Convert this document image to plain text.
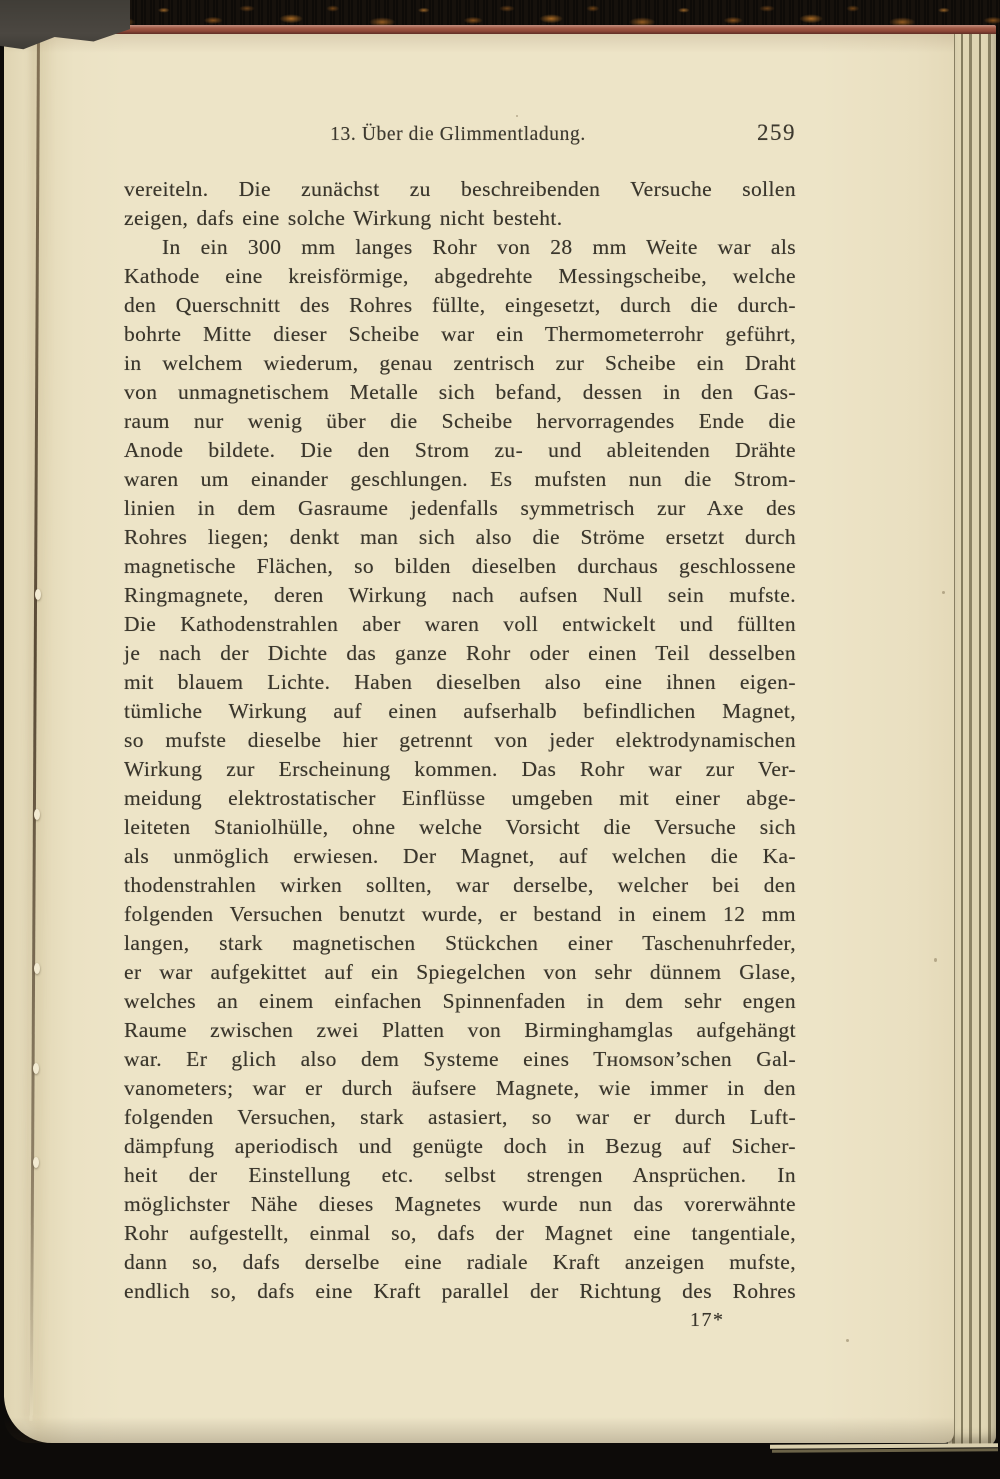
13. Über die Glimmentladung.	259
vereiteln. Die zunächst zu beschreibenden Versuche sollen
zeigen, dafs eine solche Wirkung nicht besteht.
In ein 300 mm langes Rohr von 28 mm Weite war als
Kathode eine kreisförmige, abgedrehte Messingscheibe, welche
den Querschnitt des Rohres füllte, eingesetzt, durch die durch-
bohrte Mitte dieser Scheibe war ein Thermometerrohr geführt,
in welchem wiederum, genau zentrisch zur Scheibe ein Draht
von unmagnetischem Metalle sich befand, dessen in den Gas-
raum nur wenig über die Scheibe hervorragendes Ende die
Anode bildete. Die den Strom zu- und ableitenden Drähte
waren um einander geschlungen. Es mufsten nun die Strom-
linien in dem Gasraume jedenfalls symmetrisch zur Axe des
Rohres liegen; denkt man sich also die Ströme ersetzt durch
magnetische Flächen, so bilden dieselben durchaus geschlossene
Ringmagnete, deren Wirkung nach aufsen Null sein mufste.
Die Kathodenstrahlen aber waren voll entwickelt und füllten
je nach der Dichte das ganze Rohr oder einen Teil desselben
mit blauem Lichte. Haben dieselben also eine ihnen eigen-
tümliche Wirkung auf einen aufserhalb befindlichen Magnet,
so mufste dieselbe hier getrennt von jeder elektrodynamischen
Wirkung zur Erscheinung kommen. Das Rohr war zur Ver-
meidung elektrostatischer Einflüsse umgeben mit einer abge-
leiteten Staniolhülle, ohne welche Vorsicht die Versuche sich
als unmöglich erwiesen. Der Magnet, auf welchen die Ka-
thodenstrahlen wirken sollten, war derselbe, welcher bei den
folgenden Versuchen benutzt wurde, er bestand in einem 12 mm
langen, stark magnetischen Stückchen einer Taschenuhrfeder,
er war aufgekittet auf ein Spiegelchen von sehr dünnem Glase,
welches an einem einfachen Spinnenfaden in dem sehr engen
Raume zwischen zwei Platten von Birminghamglas aufgehängt
war. Er glich also dem Systeme eines Tʜᴏᴍsᴏɴ’schen Gal-
vanometers; war er durch äufsere Magnete, wie immer in den
folgenden Versuchen, stark astasiert, so war er durch Luft-
dämpfung aperiodisch und genügte doch in Bezug auf Sicher-
heit der Einstellung etc. selbst strengen Ansprüchen. In
möglichster Nähe dieses Magnetes wurde nun das vorerwähnte
Rohr aufgestellt, einmal so, dafs der Magnet eine tangentiale,
dann so, dafs derselbe eine radiale Kraft anzeigen mufste,
endlich so, dafs eine Kraft parallel der Richtung des Rohres
17*
